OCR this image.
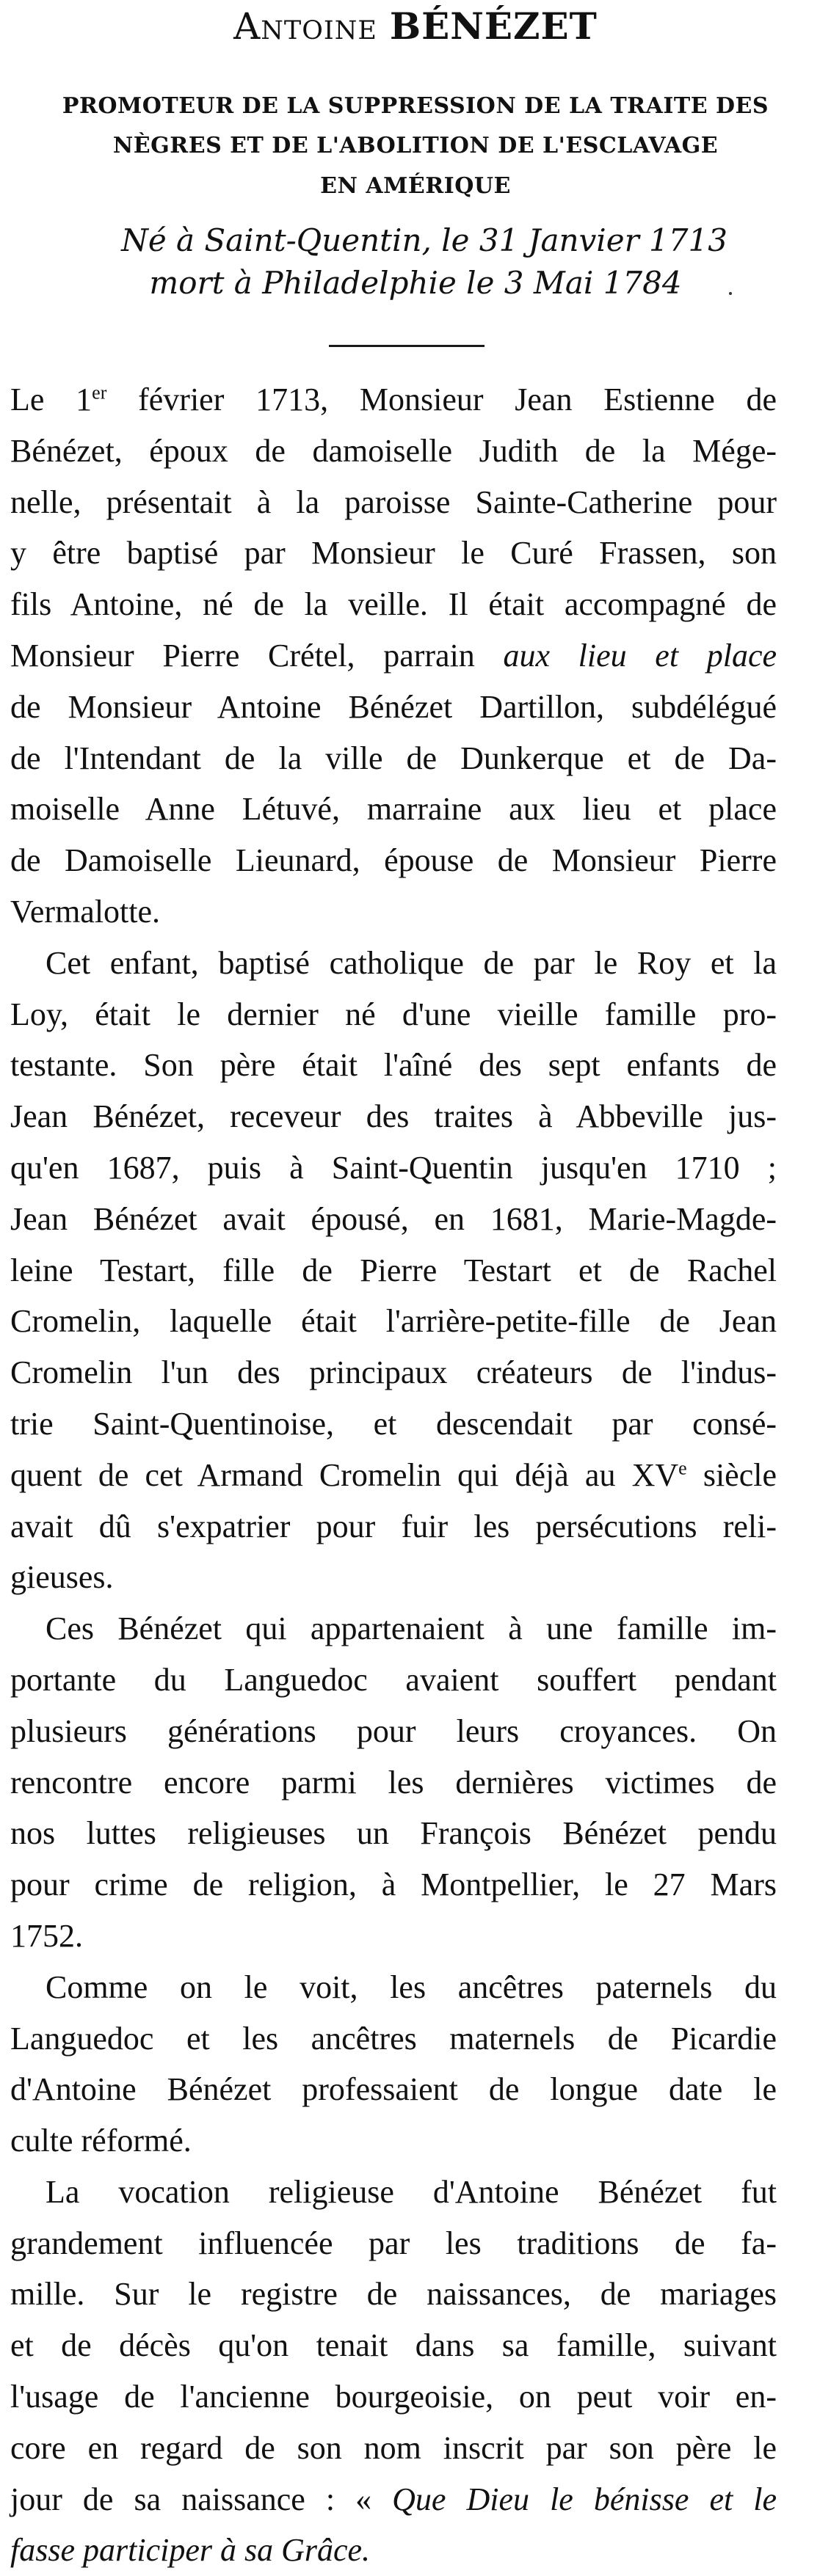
Antoine BÉNÉZET
PROMOTEUR DE LA SUPPRESSION DE LA TRAITE DES
NÈGRES ET DE L'ABOLITION DE L'ESCLAVAGE
EN AMÉRIQUE
Né à Saint-Quentin, le 31 Janvier 1713
mort à Philadelphie le 3 Mai 1784
Le 1er février 1713, Monsieur Jean Estienne de
Bénézet, époux de damoiselle Judith de la Mége-
nelle, présentait à la paroisse Sainte-Catherine pour
y être baptisé par Monsieur le Curé Frassen, son
fils Antoine, né de la veille. Il était accompagné de
Monsieur Pierre Crétel, parrain aux lieu et place
de Monsieur Antoine Bénézet Dartillon, subdélégué
de l'Intendant de la ville de Dunkerque et de Da-
moiselle Anne Létuvé, marraine aux lieu et place
de Damoiselle Lieunard, épouse de Monsieur Pierre
Vermalotte.
Cet enfant, baptisé catholique de par le Roy et la
Loy, était le dernier né d'une vieille famille pro-
testante. Son père était l'aîné des sept enfants de
Jean Bénézet, receveur des traites à Abbeville jus-
qu'en 1687, puis à Saint-Quentin jusqu'en 1710 ;
Jean Bénézet avait épousé, en 1681, Marie-Magde-
leine Testart, fille de Pierre Testart et de Rachel
Cromelin, laquelle était l'arrière-petite-fille de Jean
Cromelin l'un des principaux créateurs de l'indus-
trie Saint-Quentinoise, et descendait par consé-
quent de cet Armand Cromelin qui déjà au XVe siècle
avait dû s'expatrier pour fuir les persécutions reli-
gieuses.
Ces Bénézet qui appartenaient à une famille im-
portante du Languedoc avaient souffert pendant
plusieurs générations pour leurs croyances. On
rencontre encore parmi les dernières victimes de
nos luttes religieuses un François Bénézet pendu
pour crime de religion, à Montpellier, le 27 Mars
1752.
Comme on le voit, les ancêtres paternels du
Languedoc et les ancêtres maternels de Picardie
d'Antoine Bénézet professaient de longue date le
culte réformé.
La vocation religieuse d'Antoine Bénézet fut
grandement influencée par les traditions de fa-
mille. Sur le registre de naissances, de mariages
et de décès qu'on tenait dans sa famille, suivant
l'usage de l'ancienne bourgeoisie, on peut voir en-
core en regard de son nom inscrit par son père le
jour de sa naissance : « Que Dieu le bénisse et le
fasse participer à sa Grâce.
